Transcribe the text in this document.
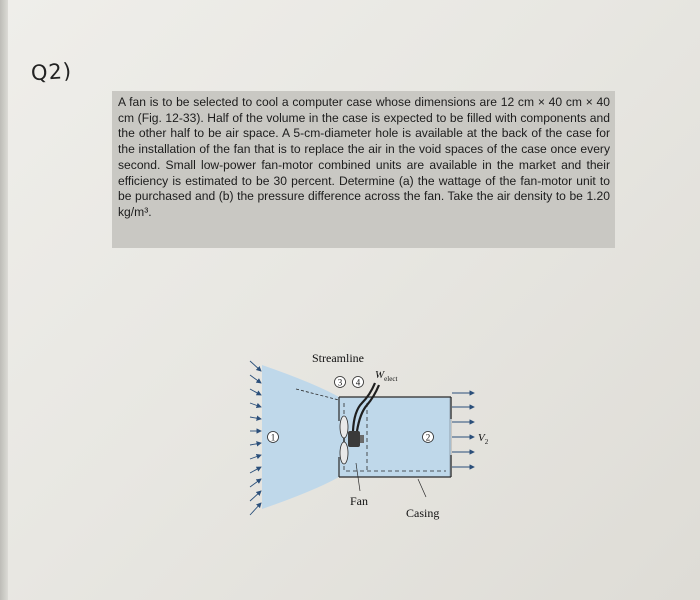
Q2)

A fan is to be selected to cool a computer case whose dimensions are 12 cm × 40 cm × 40 cm (Fig. 12-33). Half of the volume in the case is expected to be filled with components and the other half to be air space. A 5-cm-diameter hole is available at the back of the case for the installation of the fan that is to replace the air in the void spaces of the case once every second. Small low-power fan-motor combined units are available in the market and their efficiency is estimated to be 30 percent. Determine (a) the wattage of the fan-motor unit to be purchased and (b) the pressure difference across the fan. Take the air density to be 1.20 kg/m³.

1	2
3 4
Streamline
$W_{elect}$
$V_2$
Fan
Casing
